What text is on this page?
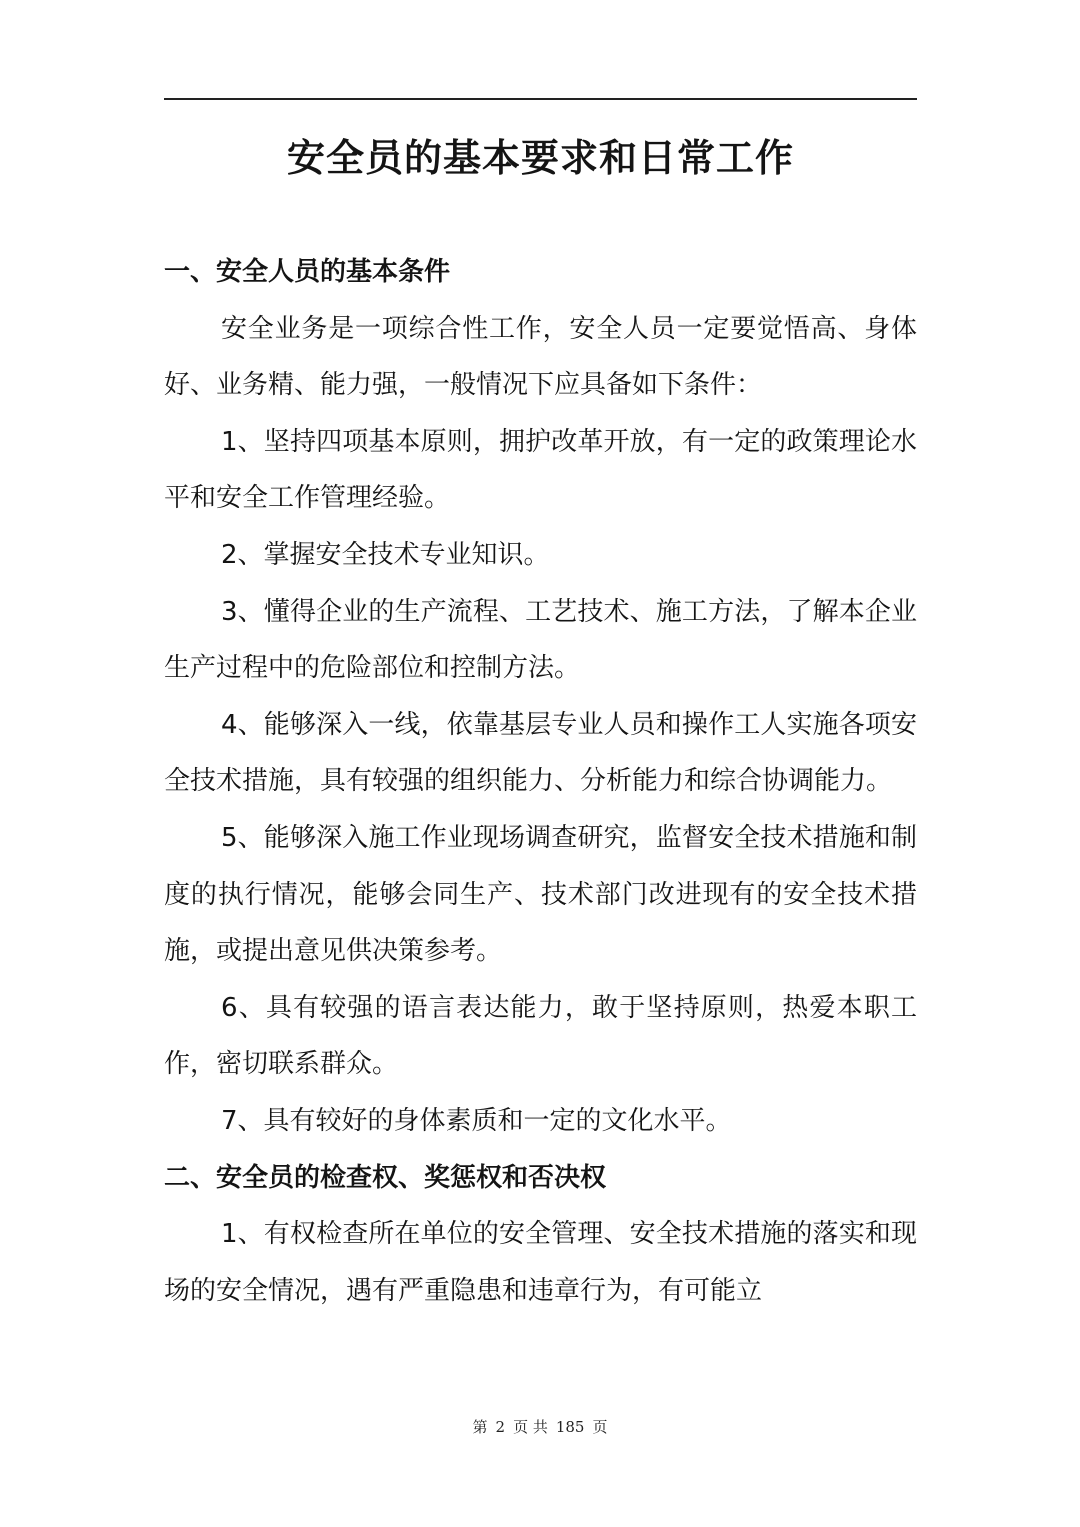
安全员的基本要求和日常工作

一、安全人员的基本条件

安全业务是一项综合性工作，安全人员一定要觉悟高、身体好、业务精、能力强，一般情况下应具备如下条件：

1、坚持四项基本原则，拥护改革开放，有一定的政策理论水平和安全工作管理经验。

2、掌握安全技术专业知识。

3、懂得企业的生产流程、工艺技术、施工方法，了解本企业生产过程中的危险部位和控制方法。

4、能够深入一线，依靠基层专业人员和操作工人实施各项安全技术措施，具有较强的组织能力、分析能力和综合协调能力。

5、能够深入施工作业现场调查研究，监督安全技术措施和制度的执行情况，能够会同生产、技术部门改进现有的安全技术措施，或提出意见供决策参考。

6、具有较强的语言表达能力，敢于坚持原则，热爱本职工作，密切联系群众。

7、具有较好的身体素质和一定的文化水平。

二、安全员的检查权、奖惩权和否决权

1、有权检查所在单位的安全管理、安全技术措施的落实和现场的安全情况，遇有严重隐患和违章行为，有可能立

第 2 页 共 185 页
